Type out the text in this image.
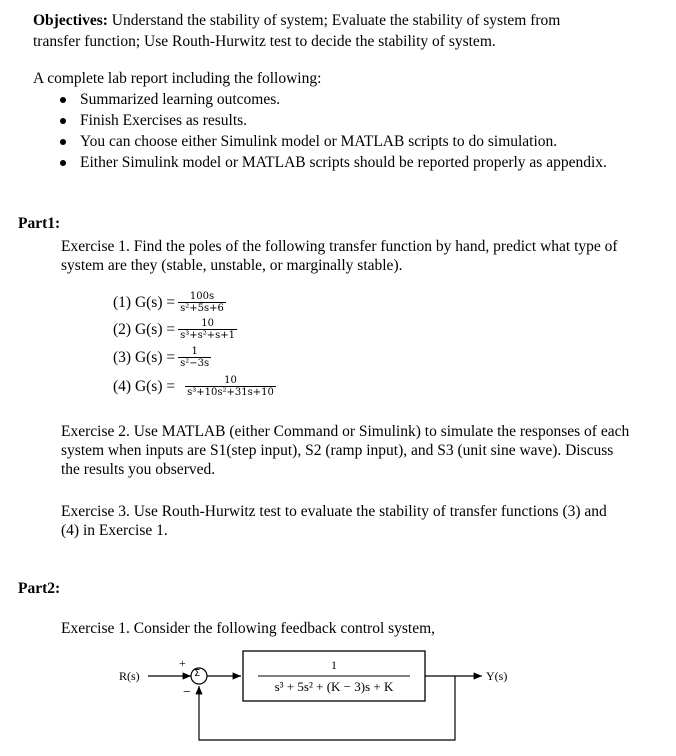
Objectives: Understand the stability of system; Evaluate the stability of system from

transfer function; Use Routh-Hurwitz test to decide the stability of system.

A complete lab report including the following:

Summarized learning outcomes.
Finish Exercises as results.
You can choose either Simulink model or MATLAB scripts to do simulation.
Either Simulink model or MATLAB scripts should be reported properly as appendix.

Part1:

Exercise 1. Find the poles of the following transfer function by hand, predict what type of

system are they (stable, unstable, or marginally stable).

(1) $G(s) = \frac{100s}{\text{s²+5s+6}}$
(2) $G(s) = \frac{10}{\text{s³+s²+s+1}}$
(3) $G(s) = \frac{1}{\text{s²−3s}}$
(4) $G(s) = \frac{10}{\text{s³+10s²+31s+10}}$

Exercise 2. Use MATLAB (either Command or Simulink) to simulate the responses of each

system when inputs are S1(step input), S2 (ramp input), and S3 (unit sine wave). Discuss

the results you observed.

Exercise 3. Use Routh-Hurwitz test to evaluate the stability of transfer functions (3) and

(4) in Exercise 1.

Part2:

Exercise 1. Consider the following feedback control system,

R(s)	Σ
+
−
1
s³ + 5s² + (K − 3)s + K
Y(s)
